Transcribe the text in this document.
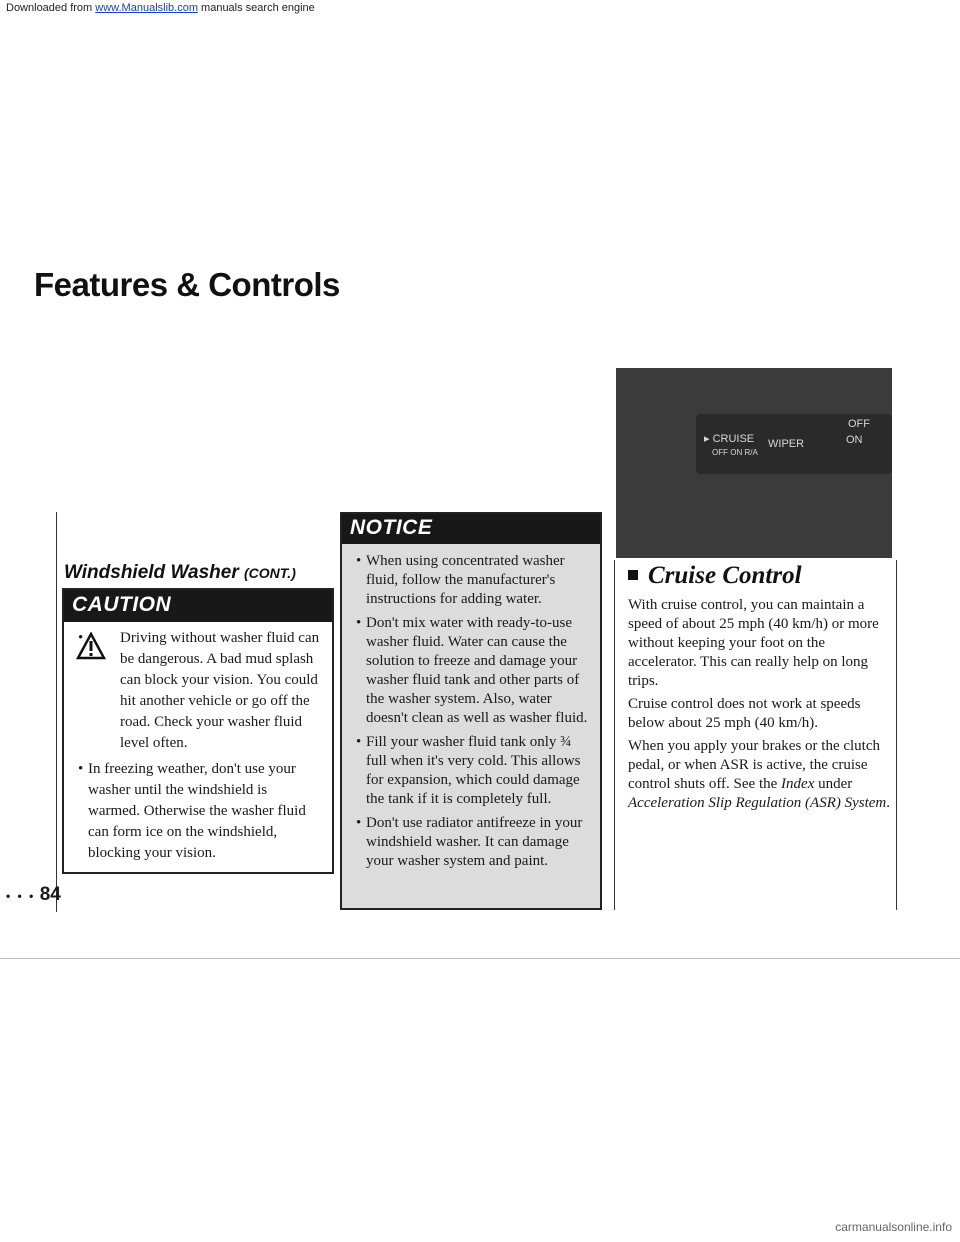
Downloaded from www.Manualslib.com manuals search engine
Features & Controls
Windshield Washer (CONT.)
CAUTION
• Driving without washer fluid can be dangerous. A bad mud splash can block your vision. You could hit another vehicle or go off the road. Check your washer fluid level often.
• In freezing weather, don't use your washer until the windshield is warmed. Otherwise the washer fluid can form ice on the windshield, blocking your vision.
NOTICE
• When using concentrated washer fluid, follow the manufacturer's instructions for adding water.
• Don't mix water with ready-to-use washer fluid. Water can cause the solution to freeze and damage your washer fluid tank and other parts of the washer system. Also, water doesn't clean as well as washer fluid.
• Fill your washer fluid tank only ¾ full when it's very cold. This allows for expansion, which could damage the tank if it is completely full.
• Don't use radiator antifreeze in your windshield washer. It can damage your washer system and paint.
▸ CRUISE
OFF ON R/A
WIPER
OFF
ON
Cruise Control

With cruise control, you can maintain a speed of about 25 mph (40 km/h) or more without keeping your foot on the accelerator. This can really help on long trips.

Cruise control does not work at speeds below about 25 mph (40 km/h).

When you apply your brakes or the clutch pedal, or when ASR is active, the cruise control shuts off. See the Index under Acceleration Slip Regulation (ASR) System.

• • • 84
carmanualsonline.info
